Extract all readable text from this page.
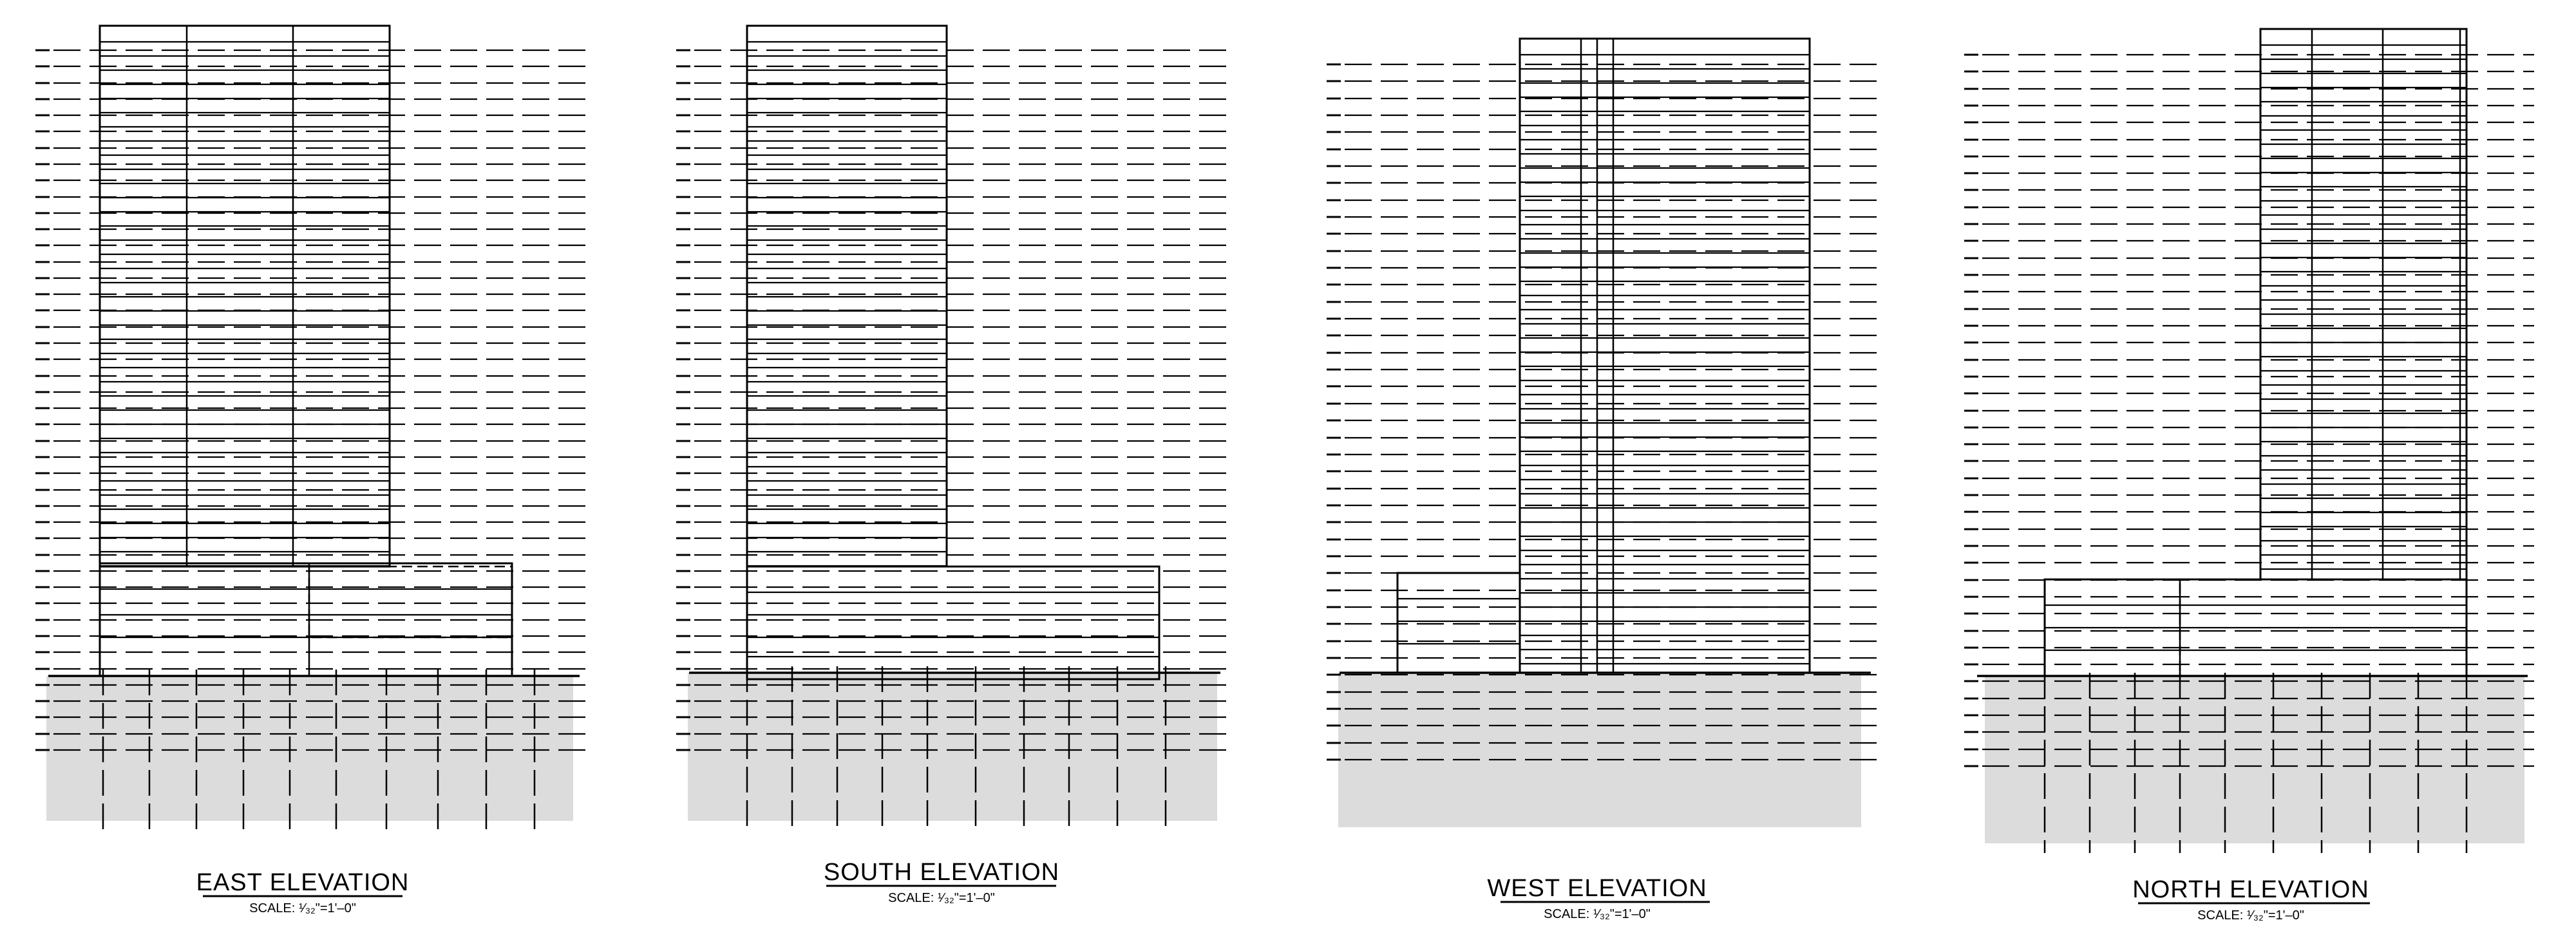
EAST ELEVATION
SCALE: ¹⁄₃₂"=1'–0"
SOUTH ELEVATION
SCALE: ¹⁄₃₂"=1'–0"	WEST ELEVATION
SCALE: ¹⁄₃₂"=1'–0"
NORTH ELEVATION
SCALE: ¹⁄₃₂"=1'–0"
